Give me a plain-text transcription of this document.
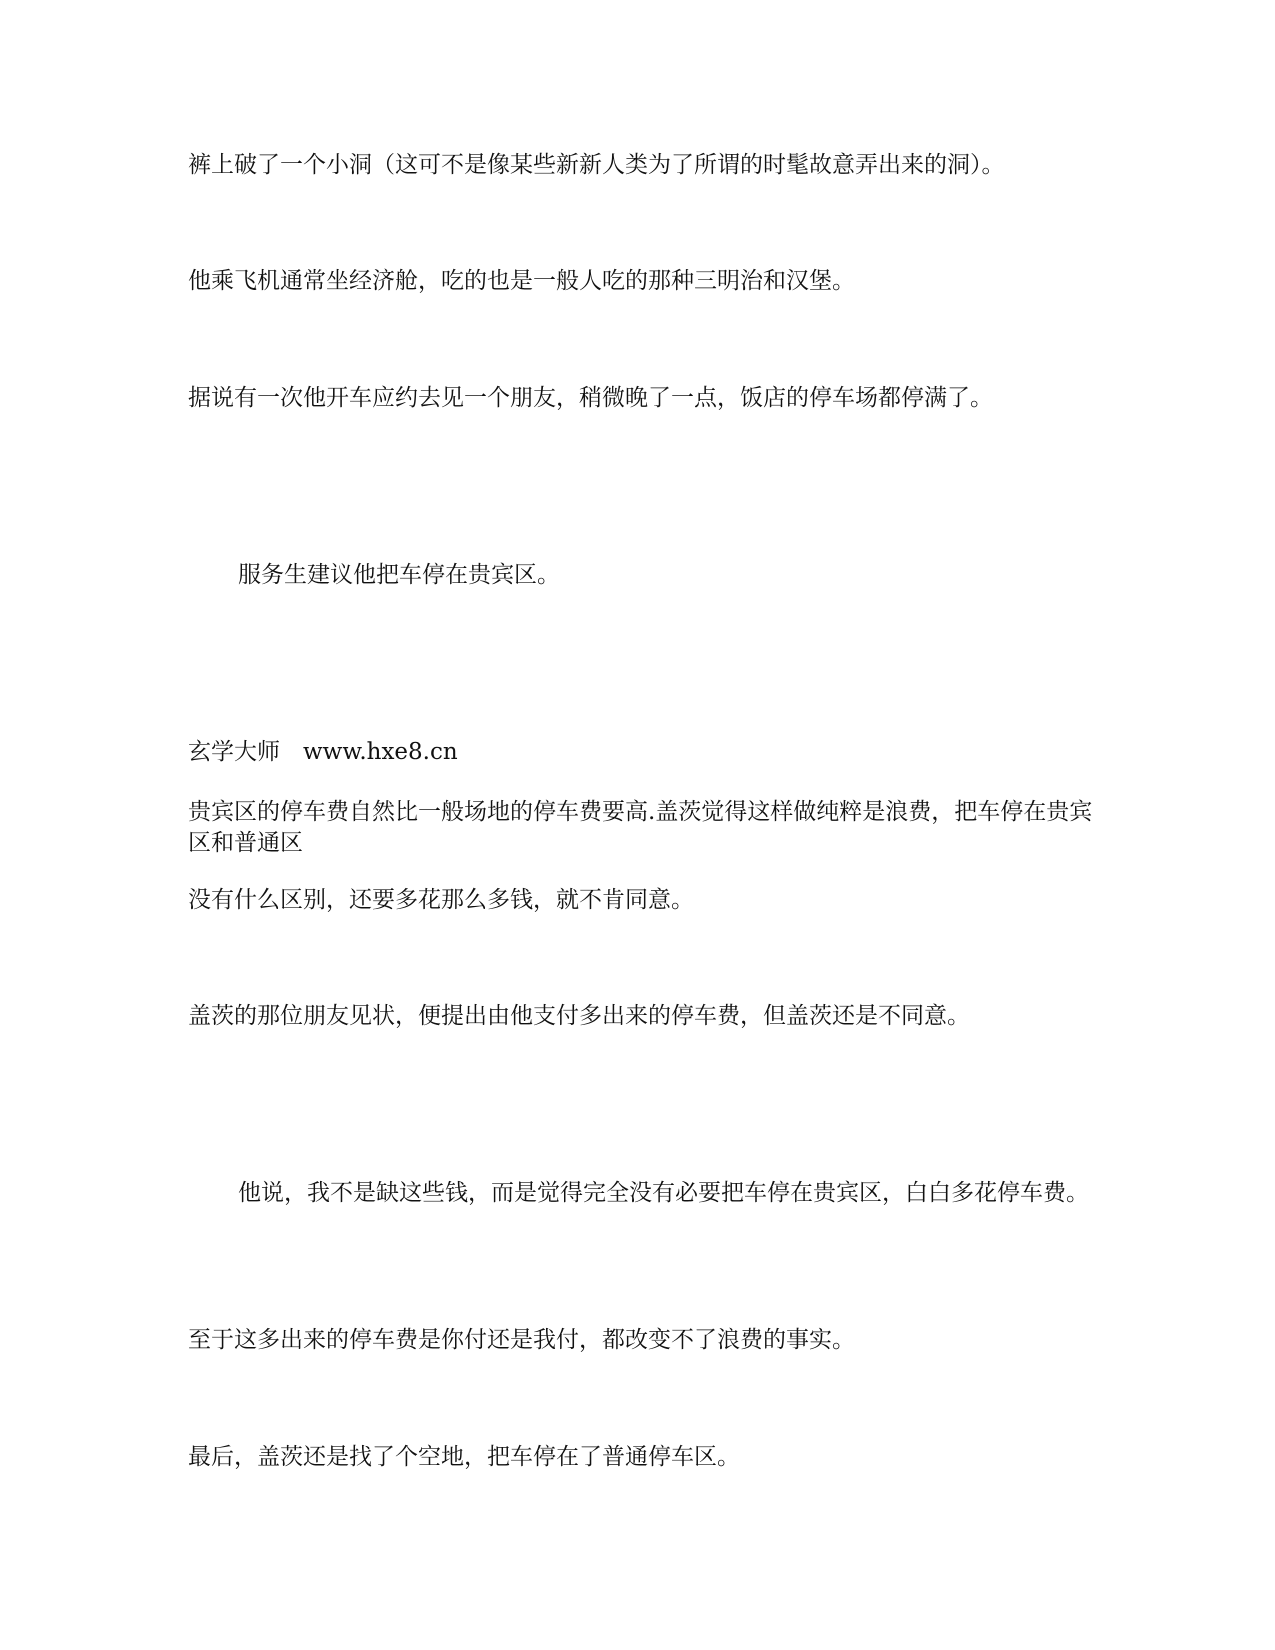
裤上破了一个小洞（这可不是像某些新新人类为了所谓的时髦故意弄出来的洞）。

他乘飞机通常坐经济舱，吃的也是一般人吃的那种三明治和汉堡。

据说有一次他开车应约去见一个朋友，稍微晚了一点，饭店的停车场都停满了。

服务生建议他把车停在贵宾区。

玄学大师　www.hxe8.cn

贵宾区的停车费自然比一般场地的停车费要高.盖茨觉得这样做纯粹是浪费，把车停在贵宾区和普通区

没有什么区别，还要多花那么多钱，就不肯同意。

盖茨的那位朋友见状，便提出由他支付多出来的停车费，但盖茨还是不同意。

他说，我不是缺这些钱，而是觉得完全没有必要把车停在贵宾区，白白多花停车费。

至于这多出来的停车费是你付还是我付，都改变不了浪费的事实。

最后，盖茨还是找了个空地，把车停在了普通停车区。
